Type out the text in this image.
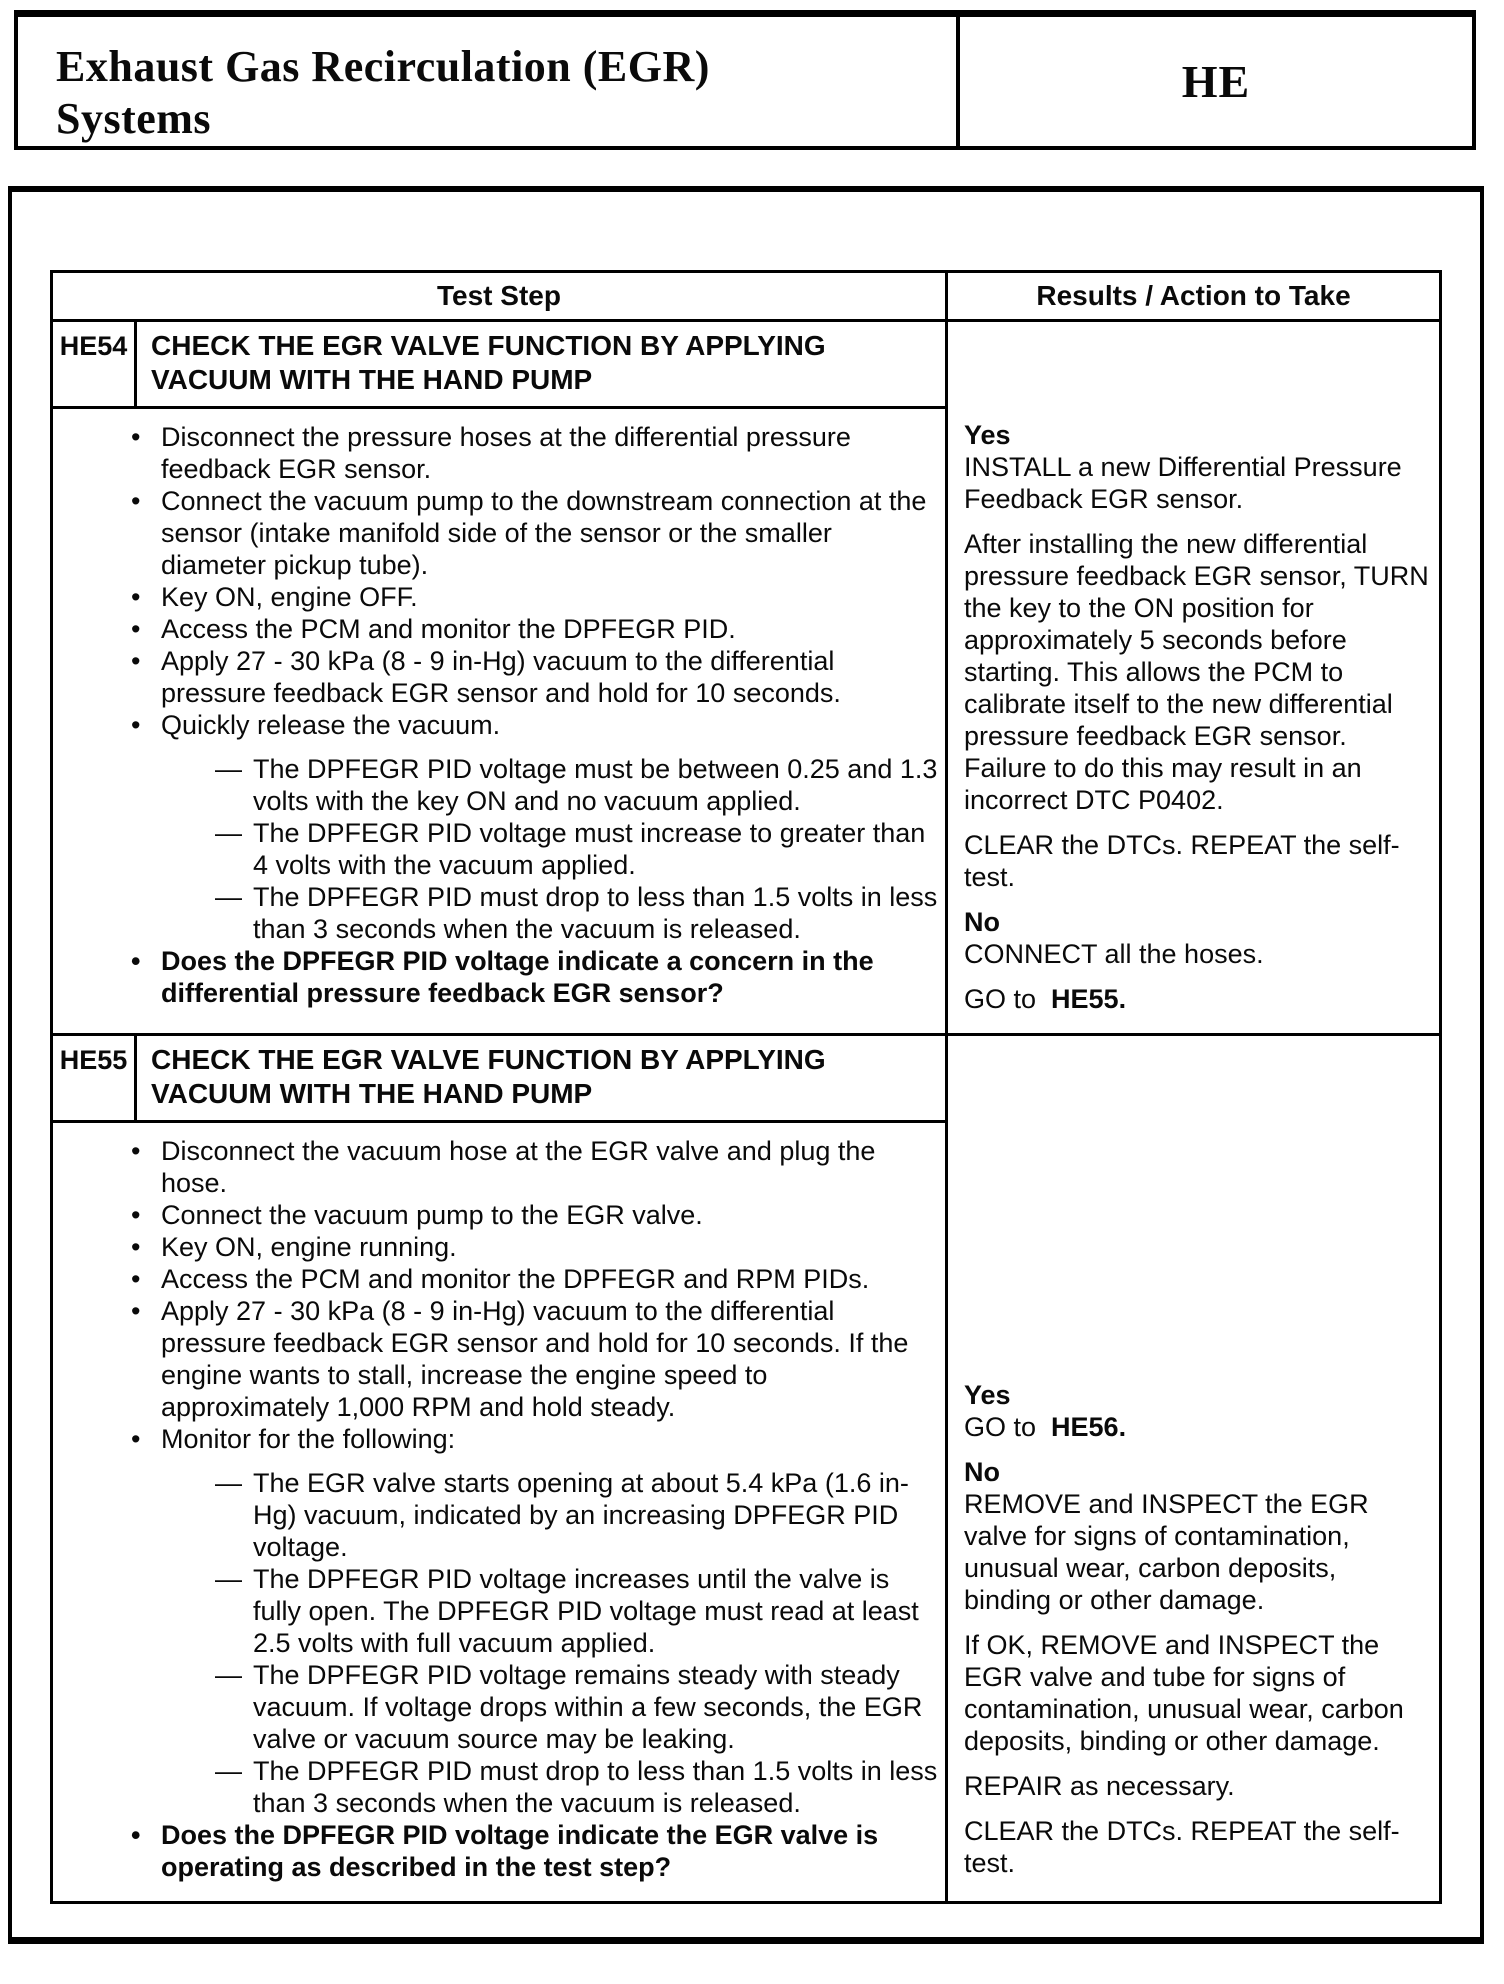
Exhaust Gas Recirculation (EGR) Systems
HE
Test Step	Results / Action to Take
HE54 CHECK THE EGR VALVE FUNCTION BY APPLYING VACUUM WITH THE HAND PUMP
• Disconnect the pressure hoses at the differential pressure feedback EGR sensor.
• Connect the vacuum pump to the downstream connection at the sensor (intake manifold side of the sensor or the smaller diameter pickup tube).
• Key ON, engine OFF.
• Access the PCM and monitor the DPFEGR PID.
• Apply 27 - 30 kPa (8 - 9 in-Hg) vacuum to the differential pressure feedback EGR sensor and hold for 10 seconds.
• Quickly release the vacuum.
— The DPFEGR PID voltage must be between 0.25 and 1.3 volts with the key ON and no vacuum applied.
— The DPFEGR PID voltage must increase to greater than 4 volts with the vacuum applied.
— The DPFEGR PID must drop to less than 1.5 volts in less than 3 seconds when the vacuum is released.
• Does the DPFEGR PID voltage indicate a concern in the differential pressure feedback EGR sensor?

Yes

INSTALL a new Differential Pressure Feedback EGR sensor.

After installing the new differential pressure feedback EGR sensor, TURN the key to the ON position for approximately 5 seconds before starting. This allows the PCM to calibrate itself to the new differential pressure feedback EGR sensor. Failure to do this may result in an incorrect DTC P0402.

CLEAR the DTCs. REPEAT the self-test.

No

CONNECT all the hoses.

GO to  HE55.

HE55 CHECK THE EGR VALVE FUNCTION BY APPLYING VACUUM WITH THE HAND PUMP
• Disconnect the vacuum hose at the EGR valve and plug the hose.
• Connect the vacuum pump to the EGR valve.
• Key ON, engine running.
• Access the PCM and monitor the DPFEGR and RPM PIDs.
• Apply 27 - 30 kPa (8 - 9 in-Hg) vacuum to the differential pressure feedback EGR sensor and hold for 10 seconds. If the engine wants to stall, increase the engine speed to approximately 1,000 RPM and hold steady.
• Monitor for the following:
— The EGR valve starts opening at about 5.4 kPa (1.6 in-Hg) vacuum, indicated by an increasing DPFEGR PID voltage.
— The DPFEGR PID voltage increases until the valve is fully open. The DPFEGR PID voltage must read at least 2.5 volts with full vacuum applied.
— The DPFEGR PID voltage remains steady with steady vacuum. If voltage drops within a few seconds, the EGR valve or vacuum source may be leaking.
— The DPFEGR PID must drop to less than 1.5 volts in less than 3 seconds when the vacuum is released.
• Does the DPFEGR PID voltage indicate the EGR valve is operating as described in the test step?

Yes

GO to  HE56.

No

REMOVE and INSPECT the EGR valve for signs of contamination, unusual wear, carbon deposits, binding or other damage.

If OK, REMOVE and INSPECT the EGR valve and tube for signs of contamination, unusual wear, carbon deposits, binding or other damage.

REPAIR as necessary.

CLEAR the DTCs. REPEAT the self-test.
